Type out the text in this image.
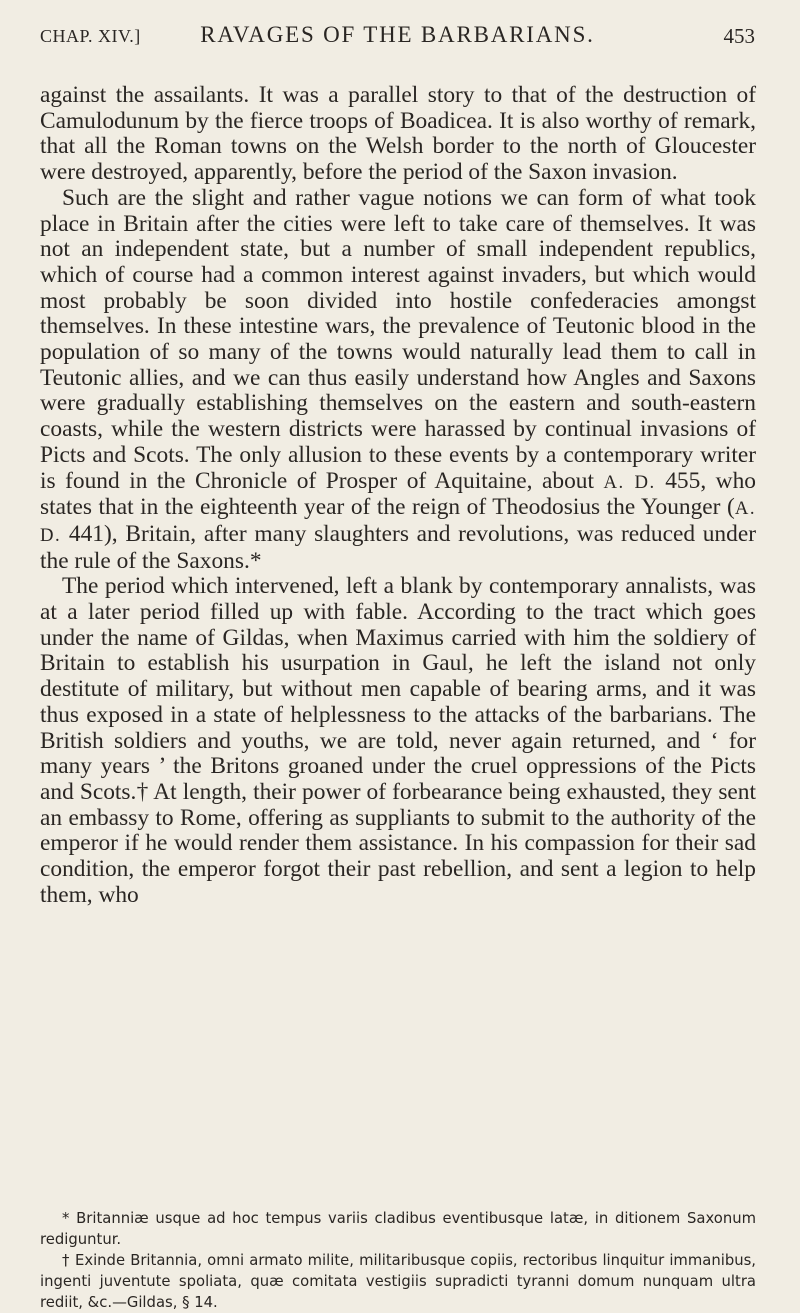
CHAP. XIV.]	RAVAGES OF THE BARBARIANS.	453

against the assailants. It was a parallel story to that of the destruction of Camulodunum by the fierce troops of Boadicea. It is also worthy of remark, that all the Roman towns on the Welsh border to the north of Gloucester were destroyed, apparently, before the period of the Saxon invasion.

Such are the slight and rather vague notions we can form of what took place in Britain after the cities were left to take care of themselves. It was not an independent state, but a number of small independent republics, which of course had a common interest against invaders, but which would most probably be soon divided into hostile confederacies amongst themselves. In these intestine wars, the prevalence of Teutonic blood in the population of so many of the towns would naturally lead them to call in Teutonic allies, and we can thus easily understand how Angles and Saxons were gradually establishing themselves on the eastern and south-eastern coasts, while the western districts were harassed by continual invasions of Picts and Scots. The only allusion to these events by a contemporary writer is found in the Chronicle of Prosper of Aquitaine, about A. D. 455, who states that in the eighteenth year of the reign of Theodosius the Younger (A. D. 441), Britain, after many slaughters and revolutions, was reduced under the rule of the Saxons.*

The period which intervened, left a blank by contemporary annalists, was at a later period filled up with fable. According to the tract which goes under the name of Gildas, when Maximus carried with him the soldiery of Britain to establish his usurpation in Gaul, he left the island not only destitute of military, but without men capable of bearing arms, and it was thus exposed in a state of helplessness to the attacks of the barbarians. The British soldiers and youths, we are told, never again returned, and ‘ for many years ’ the Britons groaned under the cruel oppressions of the Picts and Scots.† At length, their power of forbearance being exhausted, they sent an embassy to Rome, offering as suppliants to submit to the authority of the emperor if he would render them assistance. In his compassion for their sad condition, the emperor forgot their past rebellion, and sent a legion to help them, who

* Britanniæ usque ad hoc tempus variis cladibus eventibusque latæ, in ditionem Saxonum rediguntur.

† Exinde Britannia, omni armato milite, militaribusque copiis, rectoribus linquitur immanibus, ingenti juventute spoliata, quæ comitata vestigiis supradicti tyranni domum nunquam ultra rediit, &c.—Gildas, § 14.
